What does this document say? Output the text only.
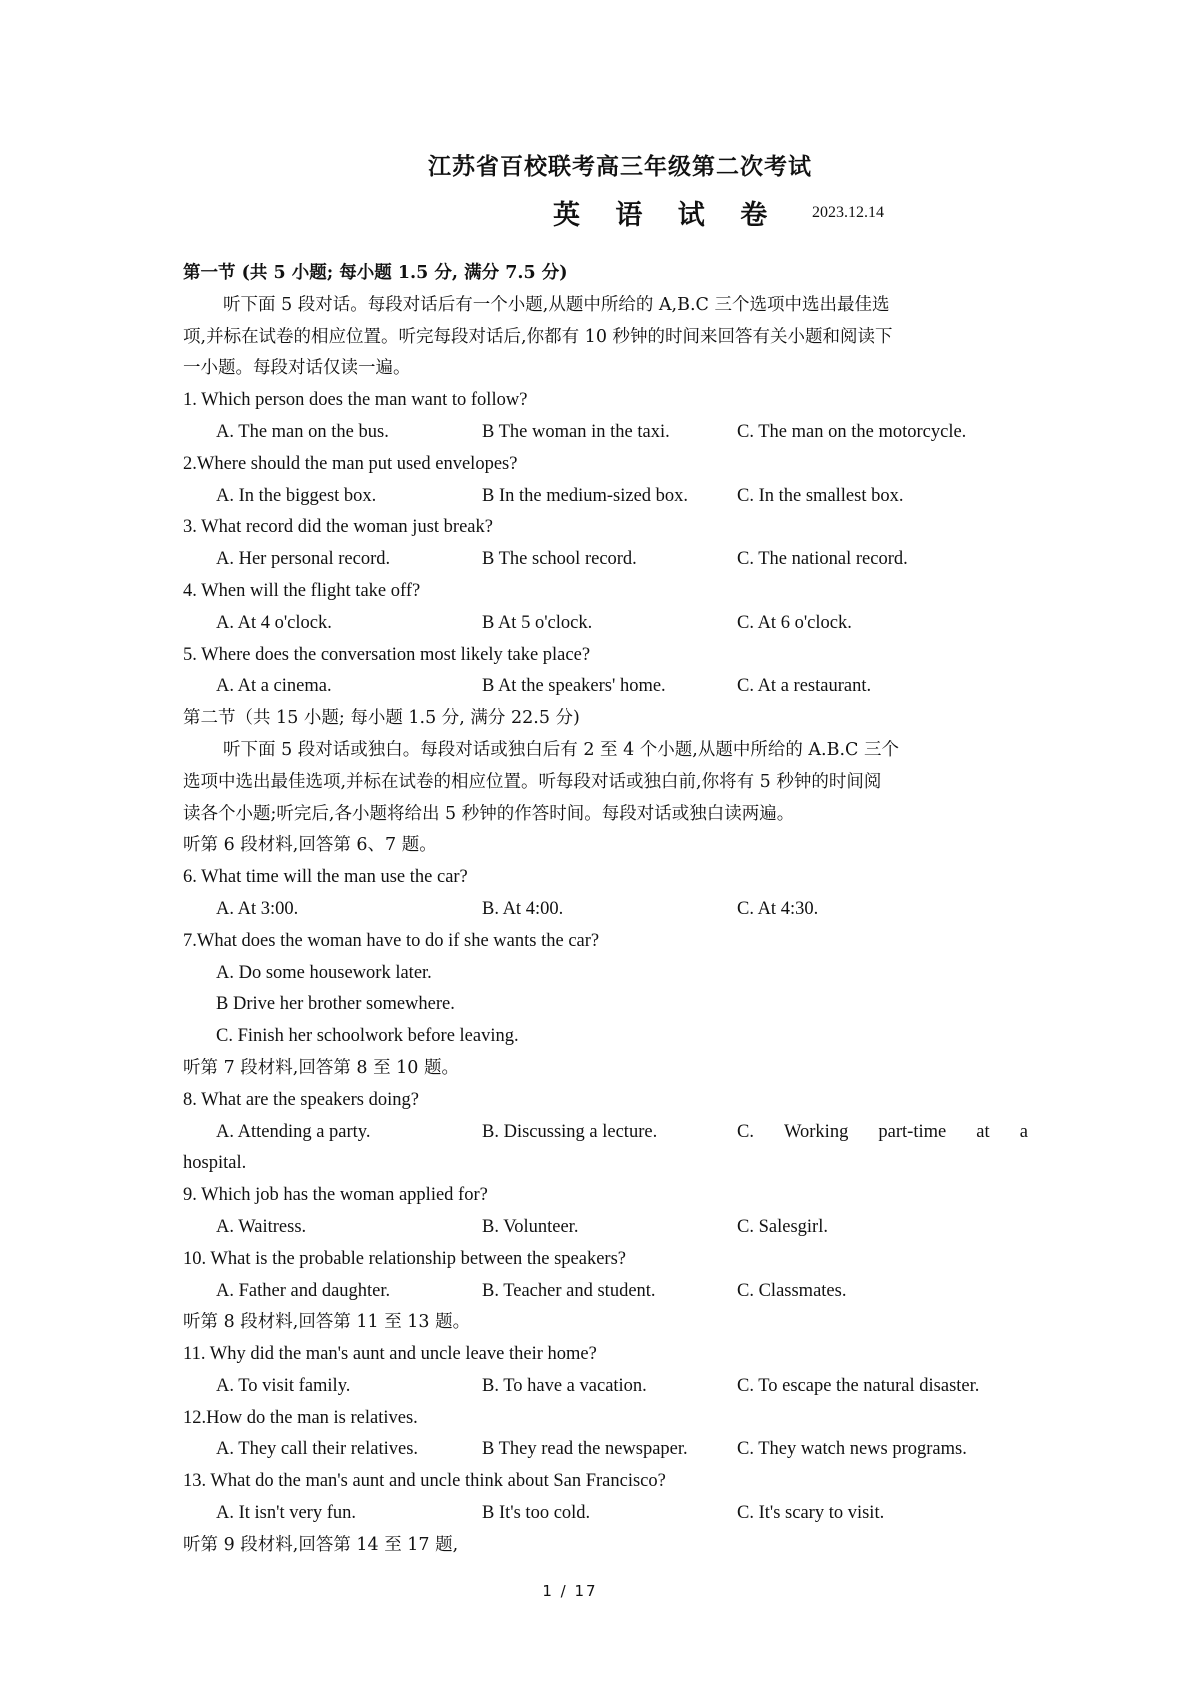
江苏省百校联考高三年级第二次考试
英 语 试 卷 2023.12.14

第一节 (共 5 小题; 每小题 1.5 分, 满分 7.5 分)

听下面 5 段对话。每段对话后有一个小题,从题中所给的 A,B.C 三个选项中选出最佳选

项,并标在试卷的相应位置。听完每段对话后,你都有 10 秒钟的时间来回答有关小题和阅读下

一小题。每段对话仅读一遍。

1. Which person does the man want to follow?

A. The man on the bus.	B The woman in the taxi.	C. The man on the motorcycle.

2.Where should the man put used envelopes?

A. In the biggest box.	B In the medium-sized box.	C. In the smallest box.

3. What record did the woman just break?

A. Her personal record.	B The school record.	C. The national record.

4. When will the flight take off?

A. At 4 o'clock.	B At 5 o'clock.	C. At 6 o'clock.

5. Where does the conversation most likely take place?

A. At a cinema.	B At the speakers' home.	C. At a restaurant.

第二节（共 15 小题; 每小题 1.5 分, 满分 22.5 分)

听下面 5 段对话或独白。每段对话或独白后有 2 至 4 个小题,从题中所给的 A.B.C 三个

选项中选出最佳选项,并标在试卷的相应位置。听每段对话或独白前,你将有 5 秒钟的时间阅

读各个小题;听完后,各小题将给出 5 秒钟的作答时间。每段对话或独白读两遍。

听第 6 段材料,回答第 6、7 题。

6. What time will the man use the car?

A. At 3:00.	B. At 4:00.	C. At 4:30.

7.What does the woman have to do if she wants the car?

A. Do some housework later.

B Drive her brother somewhere.

C. Finish her schoolwork before leaving.

听第 7 段材料,回答第 8 至 10 题。

8. What are the speakers doing?

A. Attending a party.	B. Discussing a lecture.	C. Working part-time at a

hospital.

9. Which job has the woman applied for?

A. Waitress.	B. Volunteer.	C. Salesgirl.

10. What is the probable relationship between the speakers?

A. Father and daughter.	B. Teacher and student.	C. Classmates.

听第 8 段材料,回答第 11 至 13 题。

11. Why did the man's aunt and uncle leave their home?

A. To visit family.	B. To have a vacation.	C. To escape the natural disaster.

12.How do the man is relatives.

A. They call their relatives.	B They read the newspaper.	C. They watch news programs.

13. What do the man's aunt and uncle think about San Francisco?

A. It isn't very fun.	B It's too cold.	C. It's scary to visit.

听第 9 段材料,回答第 14 至 17 题,

1 / 17
